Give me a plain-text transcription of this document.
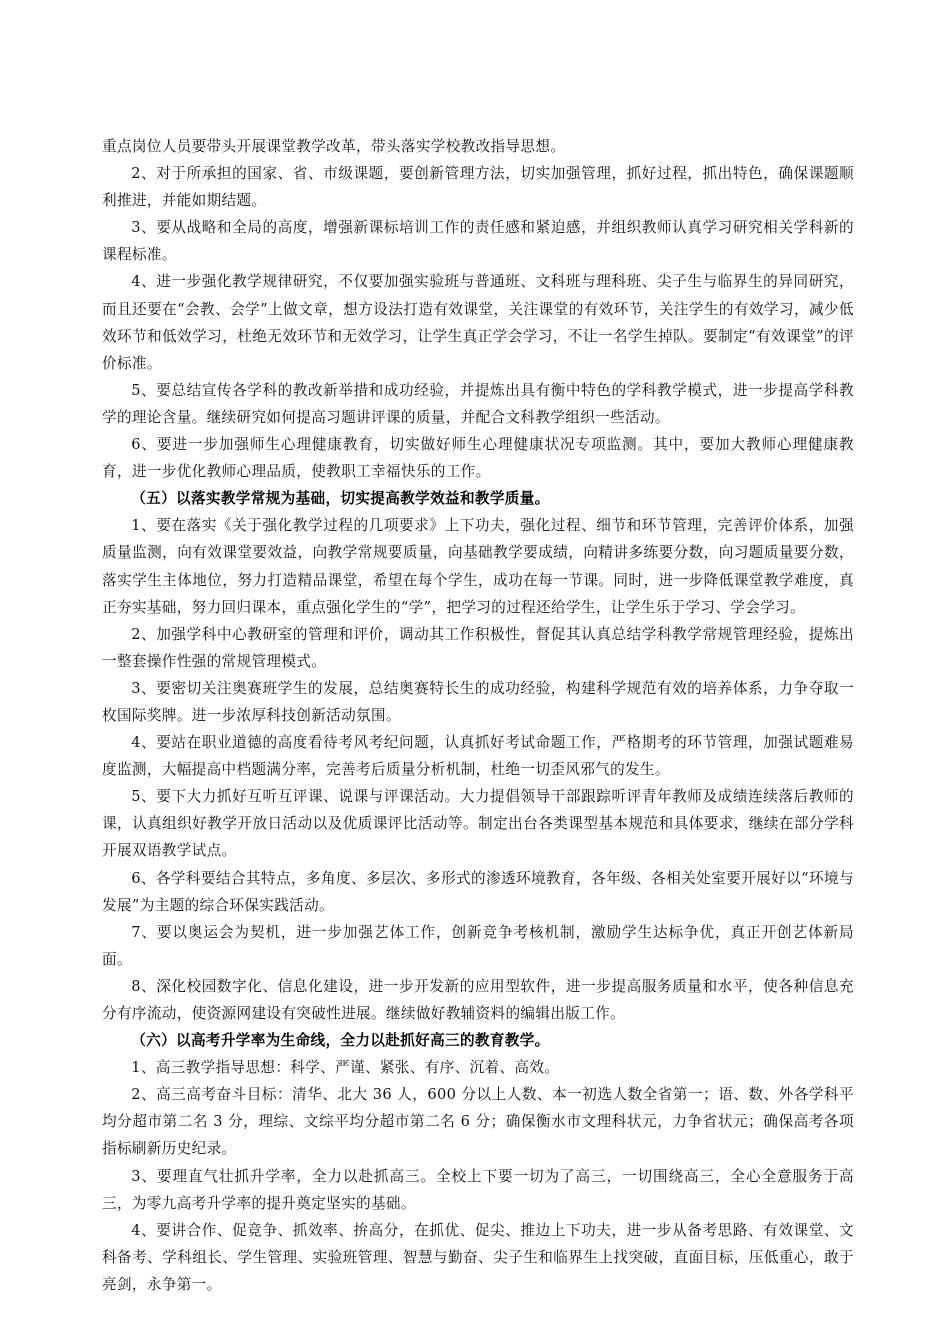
重点岗位人员要带头开展课堂教学改革，带头落实学校教改指导思想。

2、对于所承担的国家、省、市级课题，要创新管理方法，切实加强管理，抓好过程，抓出特色，确保课题顺利推进，并能如期结题。

3、要从战略和全局的高度，增强新课标培训工作的责任感和紧迫感，并组织教师认真学习研究相关学科新的课程标准。

4、进一步强化教学规律研究，不仅要加强实验班与普通班、文科班与理科班、尖子生与临界生的异同研究，而且还要在“会教、会学”上做文章，想方设法打造有效课堂，关注课堂的有效环节，关注学生的有效学习，减少低效环节和低效学习，杜绝无效环节和无效学习，让学生真正学会学习，不让一名学生掉队。要制定“有效课堂”的评价标准。

5、要总结宣传各学科的教改新举措和成功经验，并提炼出具有衡中特色的学科教学模式，进一步提高学科教学的理论含量。继续研究如何提高习题讲评课的质量，并配合文科教学组织一些活动。

6、要进一步加强师生心理健康教育，切实做好师生心理健康状况专项监测。其中，要加大教师心理健康教育，进一步优化教师心理品质，使教职工幸福快乐的工作。

（五）以落实教学常规为基础，切实提高教学效益和教学质量。

1、要在落实《关于强化教学过程的几项要求》上下功夫，强化过程、细节和环节管理，完善评价体系，加强质量监测，向有效课堂要效益，向教学常规要质量，向基础教学要成绩，向精讲多练要分数，向习题质量要分数，落实学生主体地位，努力打造精品课堂，希望在每个学生，成功在每一节课。同时，进一步降低课堂教学难度，真正夯实基础，努力回归课本，重点强化学生的“学”，把学习的过程还给学生，让学生乐于学习、学会学习。

2、加强学科中心教研室的管理和评价，调动其工作积极性，督促其认真总结学科教学常规管理经验，提炼出一整套操作性强的常规管理模式。

3、要密切关注奥赛班学生的发展，总结奥赛特长生的成功经验，构建科学规范有效的培养体系，力争夺取一枚国际奖牌。进一步浓厚科技创新活动氛围。

4、要站在职业道德的高度看待考风考纪问题，认真抓好考试命题工作，严格期考的环节管理，加强试题难易度监测，大幅提高中档题满分率，完善考后质量分析机制，杜绝一切歪风邪气的发生。

5、要下大力抓好互听互评课、说课与评课活动。大力提倡领导干部跟踪听评青年教师及成绩连续落后教师的课，认真组织好教学开放日活动以及优质课评比活动等。制定出台各类课型基本规范和具体要求，继续在部分学科开展双语教学试点。

6、各学科要结合其特点，多角度、多层次、多形式的渗透环境教育，各年级、各相关处室要开展好以“环境与发展”为主题的综合环保实践活动。

7、要以奥运会为契机，进一步加强艺体工作，创新竞争考核机制，激励学生达标争优，真正开创艺体新局面。

8、深化校园数字化、信息化建设，进一步开发新的应用型软件，进一步提高服务质量和水平，使各种信息充分有序流动，使资源网建设有突破性进展。继续做好教辅资料的编辑出版工作。

（六）以高考升学率为生命线，全力以赴抓好高三的教育教学。

1、高三教学指导思想：科学、严谨、紧张、有序、沉着、高效。

2、高三高考奋斗目标：清华、北大 36 人，600 分以上人数、本一初选人数全省第一；语、数、外各学科平均分超市第二名 3 分，理综、文综平均分超市第二名 6 分；确保衡水市文理科状元，力争省状元；确保高考各项指标刷新历史纪录。

3、要理直气壮抓升学率，全力以赴抓高三。全校上下要一切为了高三，一切围绕高三，全心全意服务于高三，为零九高考升学率的提升奠定坚实的基础。

4、要讲合作、促竞争、抓效率、拚高分，在抓优、促尖、推边上下功夫，进一步从备考思路、有效课堂、文科备考、学科组长、学生管理、实验班管理、智慧与勤奋、尖子生和临界生上找突破，直面目标，压低重心，敢于亮剑，永争第一。
